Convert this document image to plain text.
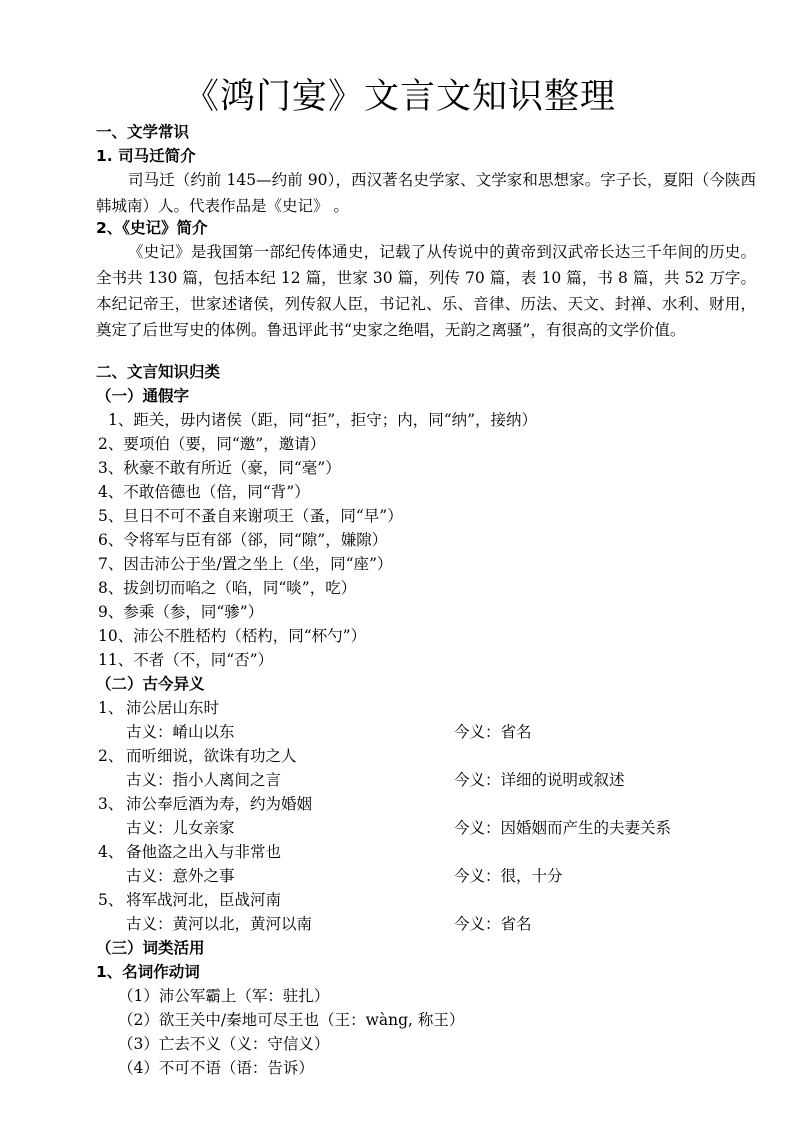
《鸿门宴》文言文知识整理
一、文学常识
1. 司马迁简介
司马迁（约前 145—约前 90），西汉著名史学家、文学家和思想家。字子长，夏阳（今陕西韩城南）人。代表作品是《史记》 。
2、《史记》简介
《史记》是我国第一部纪传体通史，记载了从传说中的黄帝到汉武帝长达三千年间的历史。全书共 130 篇，包括本纪 12 篇，世家 30 篇，列传 70 篇，表 10 篇，书 8 篇，共 52 万字。本纪记帝王，世家述诸侯，列传叙人臣，书记礼、乐、音律、历法、天文、封禅、水利、财用，奠定了后世写史的体例。鲁迅评此书“史家之绝唱，无韵之离骚”，有很高的文学价值。
二、文言知识归类
（一）通假字
1、距关，毋内诸侯（距，同“拒”，拒守；内，同“纳”，接纳）
2、要项伯（要，同“邀”，邀请）
3、秋豪不敢有所近（豪，同“毫”）
4、不敢倍德也（倍，同“背”）
5、旦日不可不蚤自来谢项王（蚤，同“早”）
6、令将军与臣有郤（郤，同“隙”，嫌隙）
7、因击沛公于坐/置之坐上（坐，同“座”）
8、拔剑切而啗之（啗，同“啖”，吃）
9、参乘（参，同“骖”）
10、沛公不胜桮杓（桮杓，同“杯勺”）
11、不者（不，同“否”）
（二）古今异义
1、 沛公居山东时
古义：崤山以东	今义：省名
2、 而听细说，欲诛有功之人
古义：指小人离间之言	今义：详细的说明或叙述
3、 沛公奉卮酒为寿，约为婚姻
古义：儿女亲家	今义：因婚姻而产生的夫妻关系
4、 备他盗之出入与非常也
古义：意外之事	今义：很，十分
5、 将军战河北，臣战河南
古义：黄河以北，黄河以南	今义：省名
（三）词类活用
1、名词作动词
（1）沛公军霸上（军：驻扎）
（2）欲王关中/秦地可尽王也（王：wàng, 称王）
（3）亡去不义（义：守信义）
（4）不可不语（语：告诉）
